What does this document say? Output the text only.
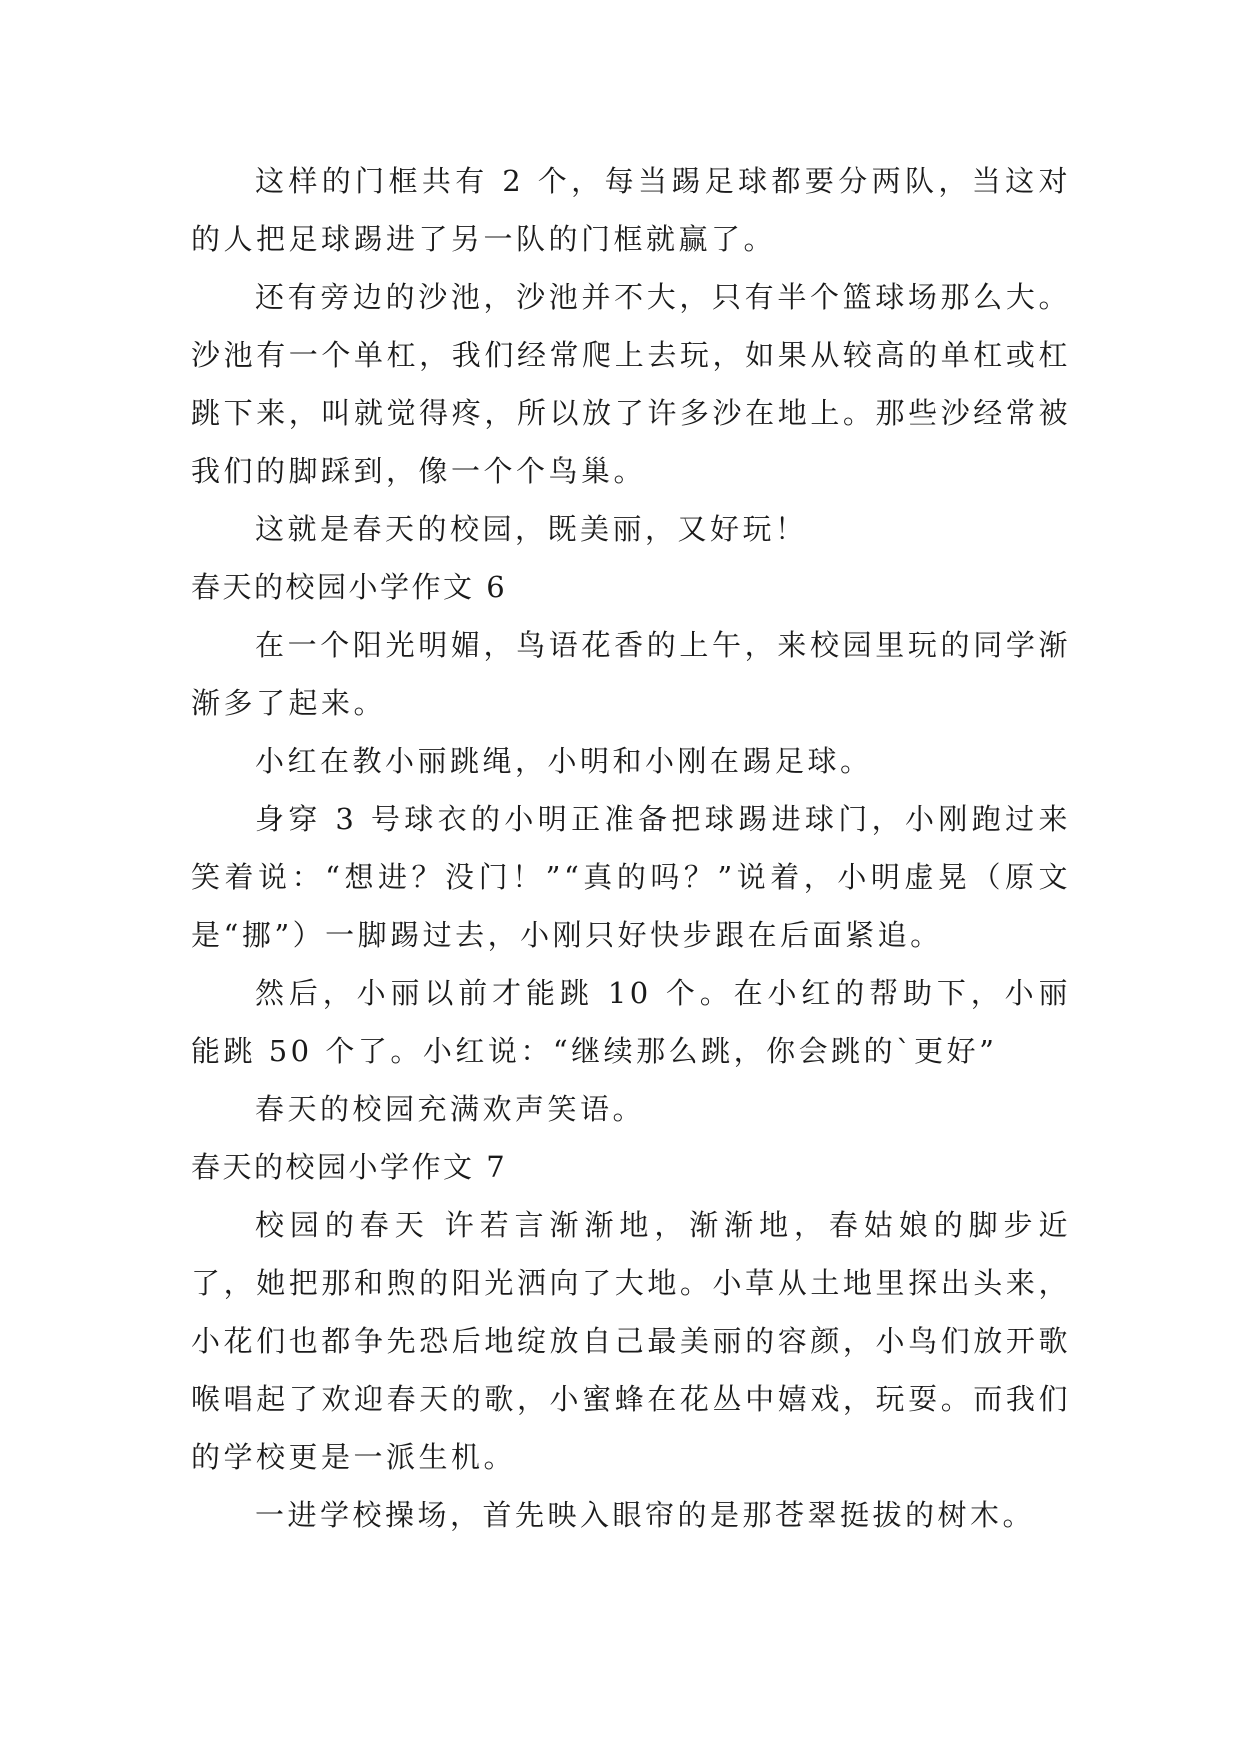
这样的门框共有 2 个，每当踢足球都要分两队，当这对的人把足球踢进了另一队的门框就赢了。

还有旁边的沙池，沙池并不大，只有半个篮球场那么大。沙池有一个单杠，我们经常爬上去玩，如果从较高的单杠或杠跳下来，叫就觉得疼，所以放了许多沙在地上。那些沙经常被我们的脚踩到，像一个个鸟巢。

这就是春天的校园，既美丽，又好玩！

春天的校园小学作文 6

在一个阳光明媚，鸟语花香的上午，来校园里玩的同学渐渐多了起来。

小红在教小丽跳绳，小明和小刚在踢足球。

身穿 3 号球衣的小明正准备把球踢进球门，小刚跑过来笑着说：“想进？没门！”“真的吗？”说着，小明虚晃（原文是“挪”）一脚踢过去，小刚只好快步跟在后面紧追。

然后，小丽以前才能跳 10 个。在小红的帮助下，小丽能跳 50 个了。小红说：“继续那么跳，你会跳的`更好”

春天的校园充满欢声笑语。

春天的校园小学作文 7

校园的春天 许若言渐渐地，渐渐地，春姑娘的脚步近了，她把那和煦的阳光洒向了大地。小草从土地里探出头来，小花们也都争先恐后地绽放自己最美丽的容颜，小鸟们放开歌喉唱起了欢迎春天的歌，小蜜蜂在花丛中嬉戏，玩耍。而我们的学校更是一派生机。

一进学校操场，首先映入眼帘的是那苍翠挺拔的树木。
